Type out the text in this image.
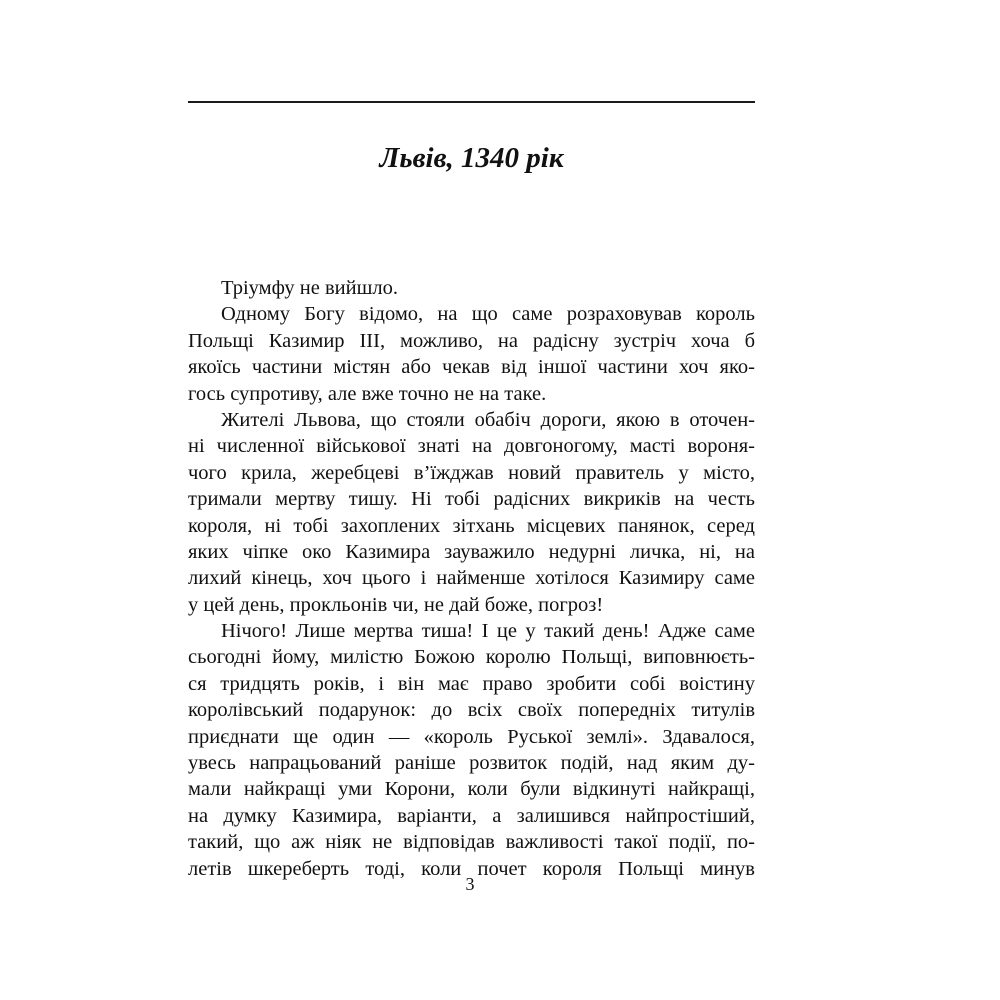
Львів, 1340 рік
Тріумфу не вийшло.
Одному Богу відомо, на що саме розраховував король
Польщі Казимир III, можливо, на радісну зустріч хоча б
якоїсь частини містян або чекав від іншої частини хоч яко-
гось супротиву, але вже точно не на таке.
Жителі Львова, що стояли обабіч дороги, якою в оточен-
ні численної військової знаті на довгоногому, масті вороня-
чого крила, жеребцеві в’їжджав новий правитель у місто,
тримали мертву тишу. Ні тобі радісних викриків на честь
короля, ні тобі захоплених зітхань місцевих панянок, серед
яких чіпке око Казимира зауважило недурні личка, ні, на
лихий кінець, хоч цього і найменше хотілося Казимиру саме
у цей день, прокльонів чи, не дай боже, погроз!
Нічого! Лише мертва тиша! І це у такий день! Адже саме
сьогодні йому, милістю Божою королю Польщі, виповнюєть-
ся тридцять років, і він має право зробити собі воістину
королівський подарунок: до всіх своїх попередніх титулів
приєднати ще один — «король Руської землі». Здавалося,
увесь напрацьований раніше розвиток подій, над яким ду-
мали найкращі уми Корони, коли були відкинуті найкращі,
на думку Казимира, варіанти, а залишився найпростіший,
такий, що аж ніяк не відповідав важливості такої події, по-
летів шкереберть тоді, коли почет короля Польщі минув
3
